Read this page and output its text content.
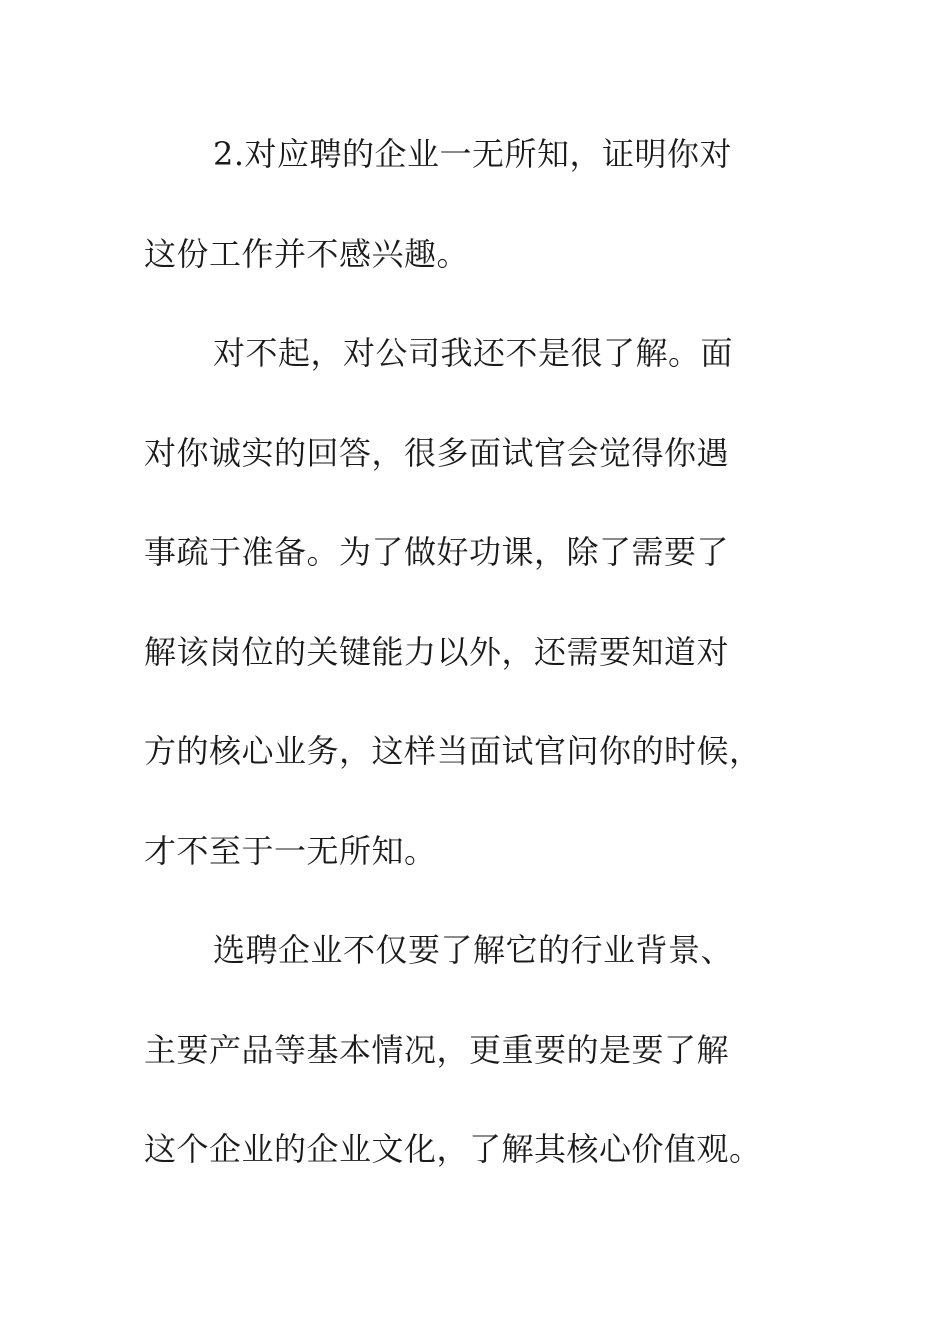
2.对应聘的企业一无所知，证明你对
这份工作并不感兴趣。
对不起，对公司我还不是很了解。面
对你诚实的回答，很多面试官会觉得你遇
事疏于准备。为了做好功课，除了需要了
解该岗位的关键能力以外，还需要知道对
方的核心业务，这样当面试官问你的时候，
才不至于一无所知。
选聘企业不仅要了解它的行业背景、
主要产品等基本情况，更重要的是要了解
这个企业的企业文化，了解其核心价值观。
